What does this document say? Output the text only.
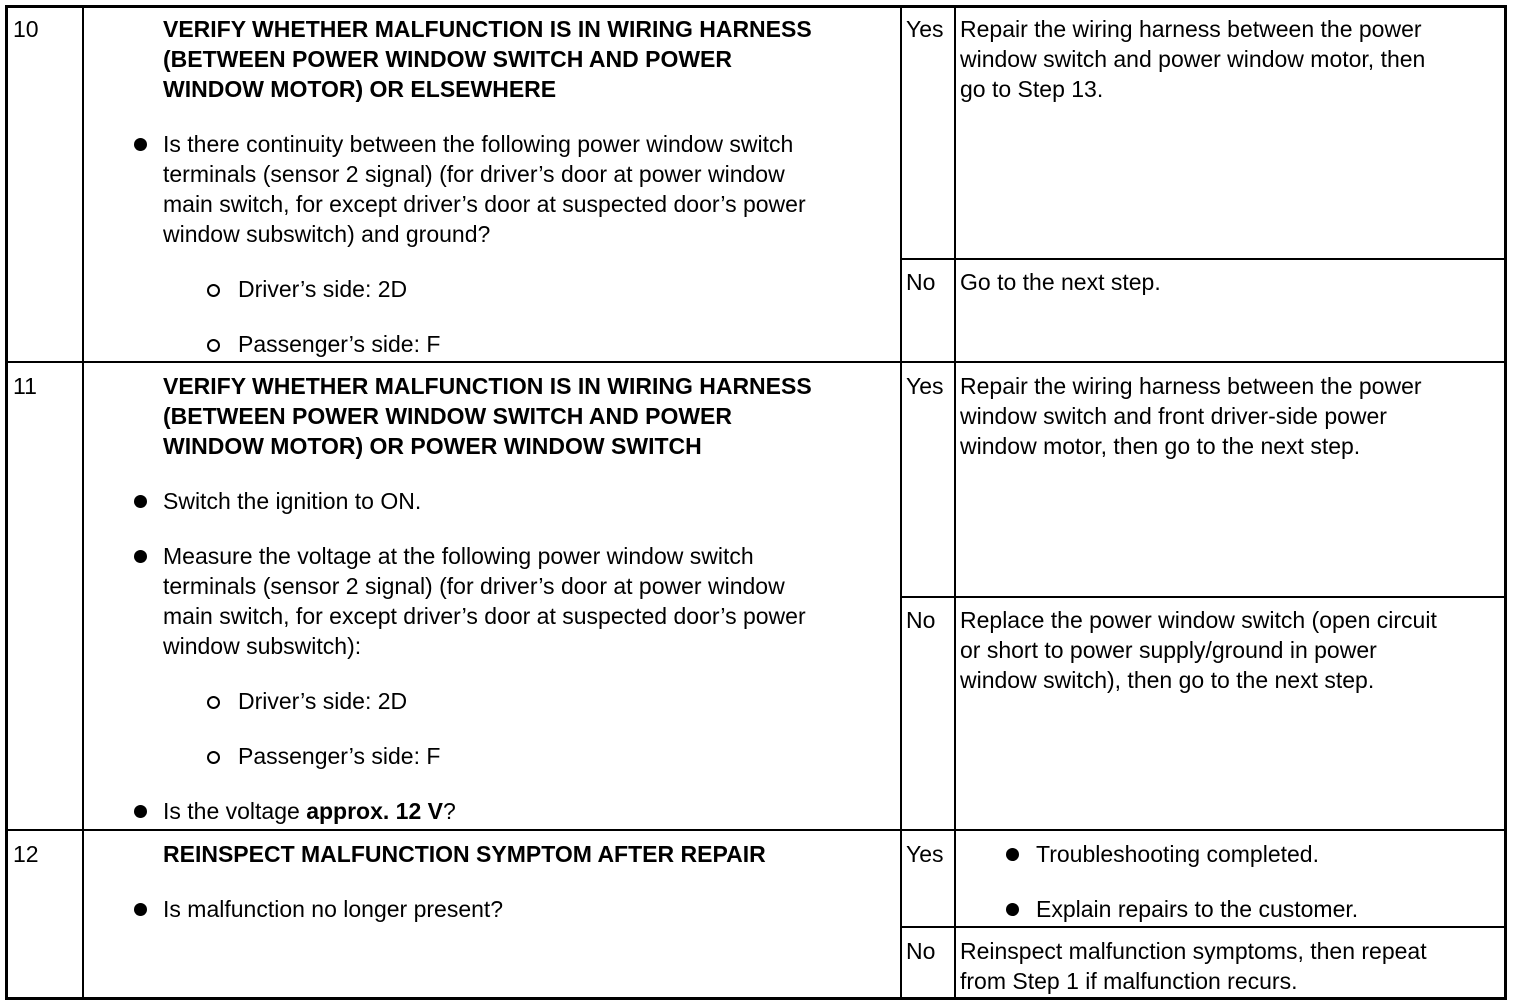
10	VERIFY WHETHER MALFUNCTION IS IN WIRING HARNESS
(BETWEEN POWER WINDOW SWITCH AND POWER
WINDOW MOTOR) OR ELSEWHERE
Is there continuity between the following power window switch
terminals (sensor 2 signal) (for driver’s door at power window
main switch, for except driver’s door at suspected door’s power
window subswitch) and ground?
Driver’s side: 2D
Passenger’s side: F
Yes Repair the wiring harness between the power
window switch and power window motor, then
go to Step 13.
No Go to the next step.
11	VERIFY WHETHER MALFUNCTION IS IN WIRING HARNESS
(BETWEEN POWER WINDOW SWITCH AND POWER
WINDOW MOTOR) OR POWER WINDOW SWITCH
Switch the ignition to ON.
Measure the voltage at the following power window switch
terminals (sensor 2 signal) (for driver’s door at power window
main switch, for except driver’s door at suspected door’s power
window subswitch):
Driver’s side: 2D
Passenger’s side: F
Is the voltage approx. 12 V?
Yes Repair the wiring harness between the power
window switch and front driver-side power
window motor, then go to the next step.
No Replace the power window switch (open circuit
or short to power supply/ground in power
window switch), then go to the next step.
12	REINSPECT MALFUNCTION SYMPTOM AFTER REPAIR
Is malfunction no longer present?
Yes	Troubleshooting completed.
Explain repairs to the customer.
No Reinspect malfunction symptoms, then repeat
from Step 1 if malfunction recurs.
